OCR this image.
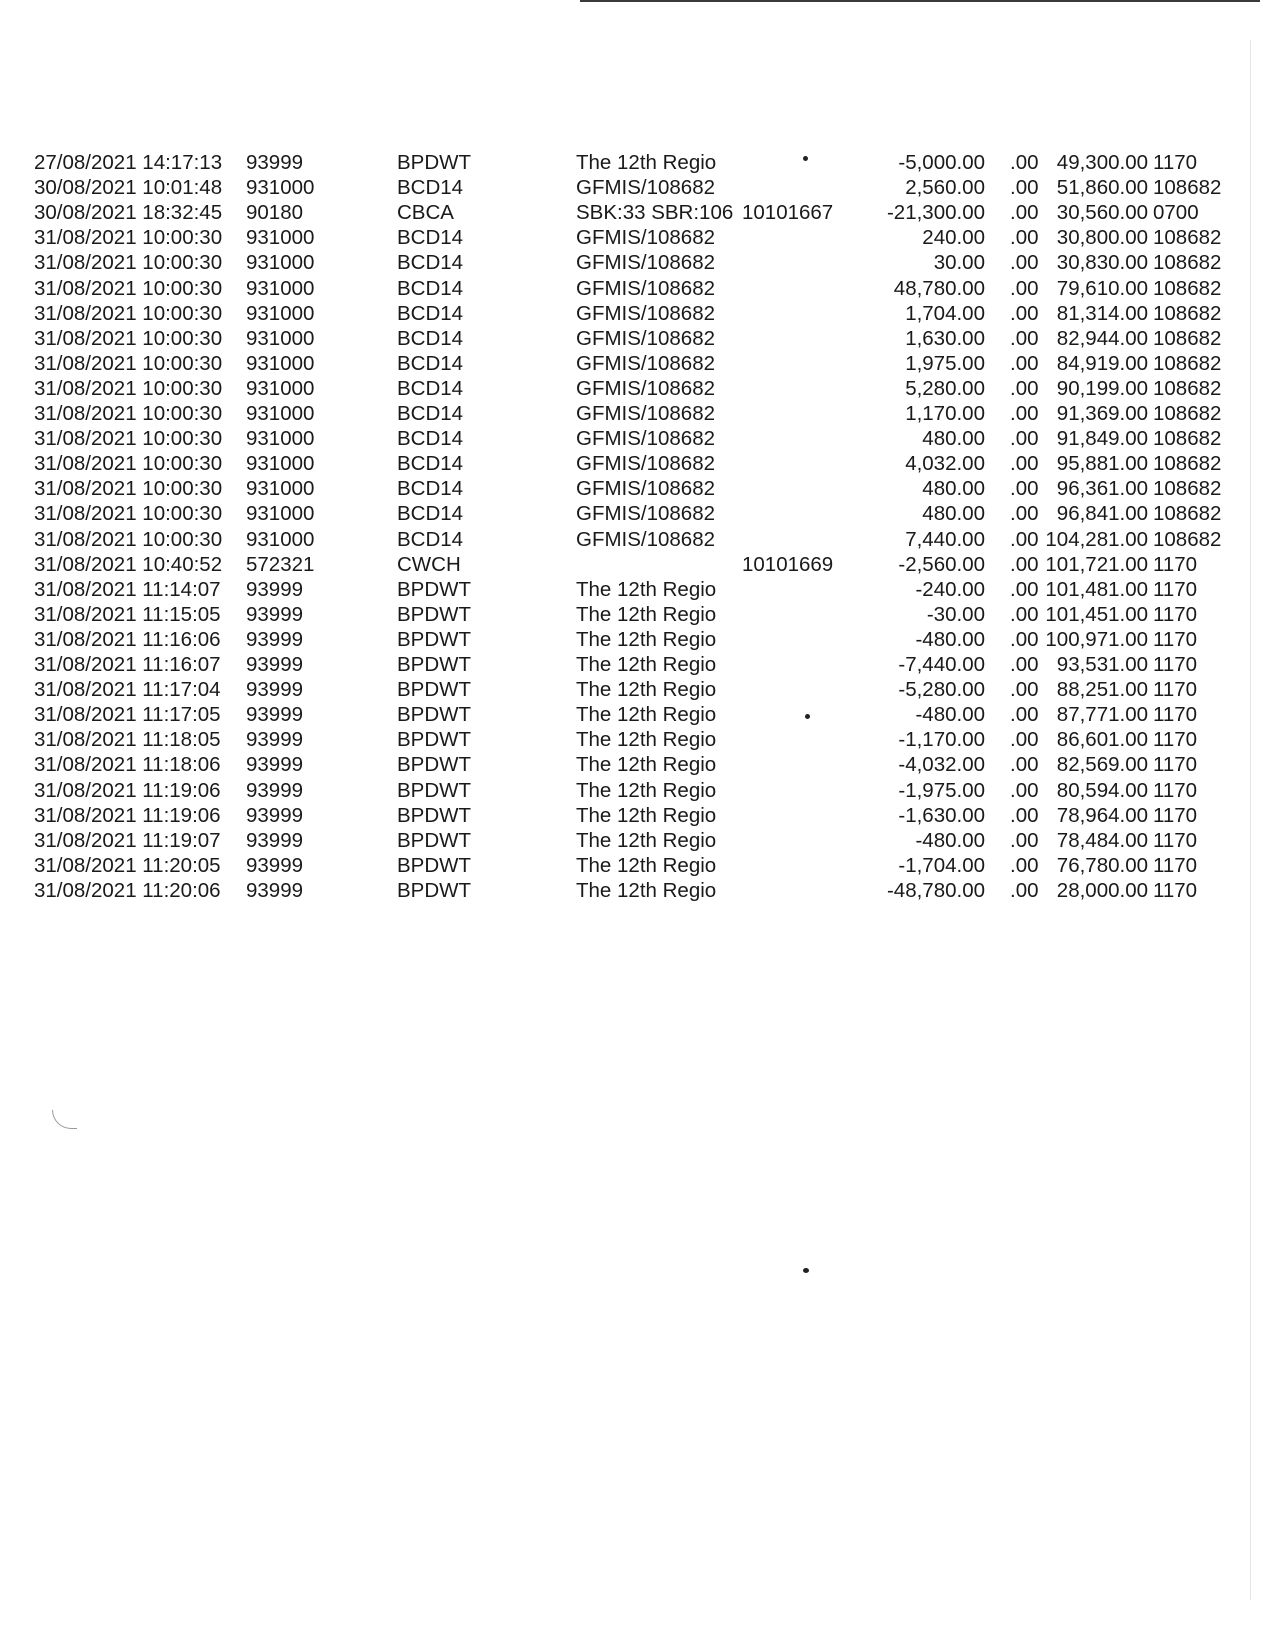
27/08/2021 14:17:13 93999	BPDWT	The 12th Regio	-5,000.00 .00 49,300.00 1170
30/08/2021 10:01:48 931000	BCD14	GFMIS/108682	2,560.00 .00 51,860.00 108682
30/08/2021 18:32:45 90180	CBCA	SBK:33 SBR:106 10101667	-21,300.00 .00 30,560.00 0700
31/08/2021 10:00:30 931000	BCD14	GFMIS/108682	240.00 .00 30,800.00 108682
31/08/2021 10:00:30 931000	BCD14	GFMIS/108682	30.00 .00 30,830.00 108682
31/08/2021 10:00:30 931000	BCD14	GFMIS/108682	48,780.00 .00 79,610.00 108682
31/08/2021 10:00:30 931000	BCD14	GFMIS/108682	1,704.00 .00 81,314.00 108682
31/08/2021 10:00:30 931000	BCD14	GFMIS/108682	1,630.00 .00 82,944.00 108682
31/08/2021 10:00:30 931000	BCD14	GFMIS/108682	1,975.00 .00 84,919.00 108682
31/08/2021 10:00:30 931000	BCD14	GFMIS/108682	5,280.00 .00 90,199.00 108682
31/08/2021 10:00:30 931000	BCD14	GFMIS/108682	1,170.00 .00 91,369.00 108682
31/08/2021 10:00:30 931000	BCD14	GFMIS/108682	480.00 .00 91,849.00 108682
31/08/2021 10:00:30 931000	BCD14	GFMIS/108682	4,032.00 .00 95,881.00 108682
31/08/2021 10:00:30 931000	BCD14	GFMIS/108682	480.00 .00 96,361.00 108682
31/08/2021 10:00:30 931000	BCD14	GFMIS/108682	480.00 .00 96,841.00 108682
31/08/2021 10:00:30 931000	BCD14	GFMIS/108682	7,440.00 .00 104,281.00 108682
31/08/2021 10:40:52 572321	CWCH	10101669	-2,560.00 .00 101,721.00 1170
31/08/2021 11:14:07 93999	BPDWT	The 12th Regio	-240.00 .00 101,481.00 1170
31/08/2021 11:15:05 93999	BPDWT	The 12th Regio	-30.00 .00 101,451.00 1170
31/08/2021 11:16:06 93999	BPDWT	The 12th Regio	-480.00 .00 100,971.00 1170
31/08/2021 11:16:07 93999	BPDWT	The 12th Regio	-7,440.00 .00 93,531.00 1170
31/08/2021 11:17:04 93999	BPDWT	The 12th Regio	-5,280.00 .00 88,251.00 1170
31/08/2021 11:17:05 93999	BPDWT	The 12th Regio	-480.00 .00 87,771.00 1170
31/08/2021 11:18:05 93999	BPDWT	The 12th Regio	-1,170.00 .00 86,601.00 1170
31/08/2021 11:18:06 93999	BPDWT	The 12th Regio	-4,032.00 .00 82,569.00 1170
31/08/2021 11:19:06 93999	BPDWT	The 12th Regio	-1,975.00 .00 80,594.00 1170
31/08/2021 11:19:06 93999	BPDWT	The 12th Regio	-1,630.00 .00 78,964.00 1170
31/08/2021 11:19:07 93999	BPDWT	The 12th Regio	-480.00 .00 78,484.00 1170
31/08/2021 11:20:05 93999	BPDWT	The 12th Regio	-1,704.00 .00 76,780.00 1170
31/08/2021 11:20:06 93999	BPDWT	The 12th Regio	-48,780.00 .00 28,000.00 1170
